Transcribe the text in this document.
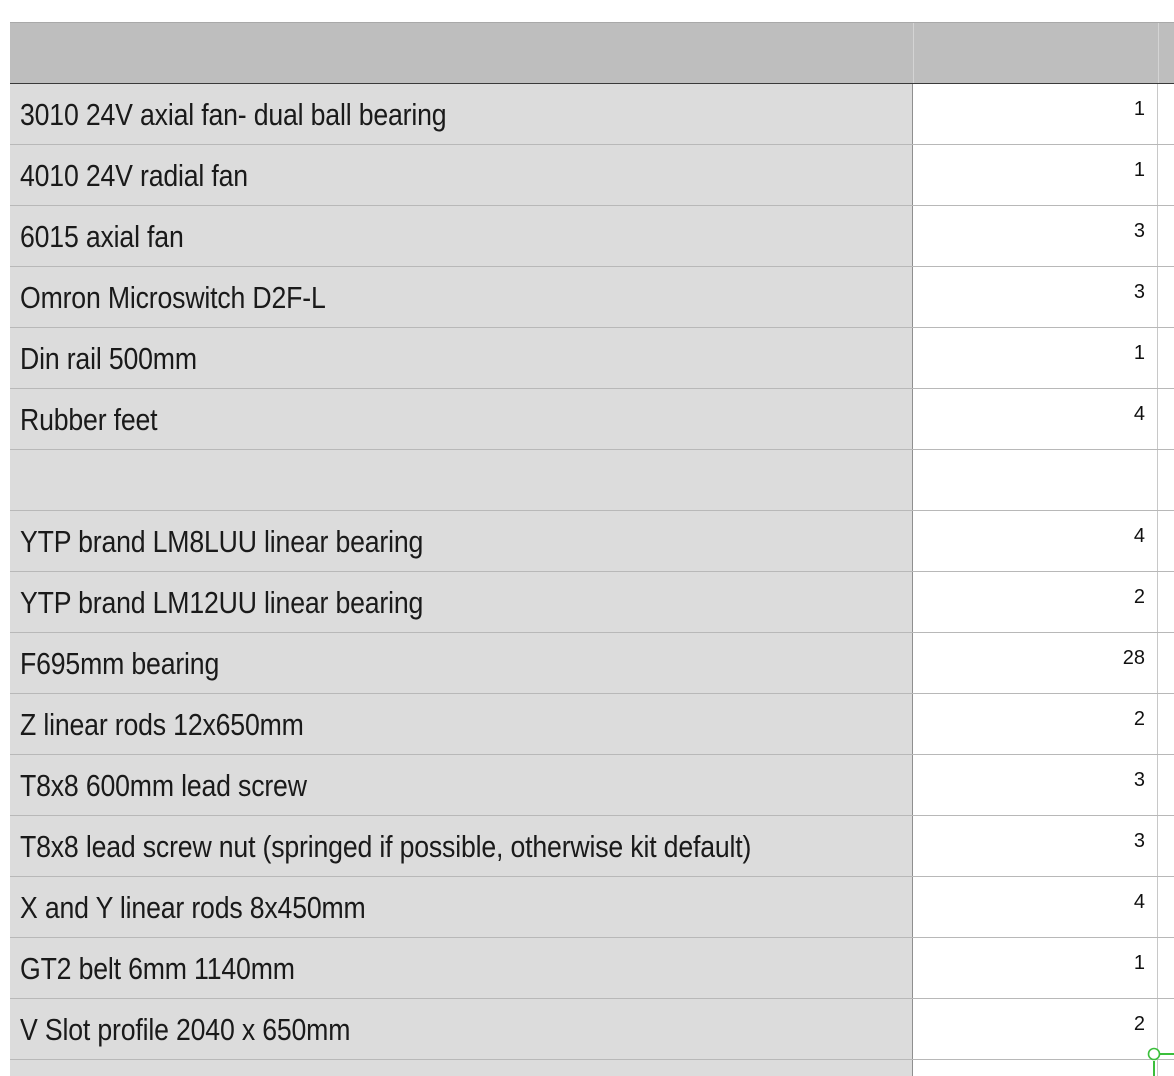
3010 24V axial fan- dual ball bearing	1
4010 24V radial fan	1
6015 axial fan	3
Omron Microswitch D2F-L	3
Din rail 500mm	1
Rubber feet	4
YTP brand LM8LUU linear bearing	4
YTP brand LM12UU linear bearing	2
F695mm bearing	28
Z linear rods 12x650mm	2
T8x8 600mm lead screw	3
T8x8 lead screw nut (springed if possible, otherwise kit default)	3
X and Y linear rods 8x450mm	4
GT2 belt 6mm 1140mm	1
V Slot profile 2040 x 650mm	2
